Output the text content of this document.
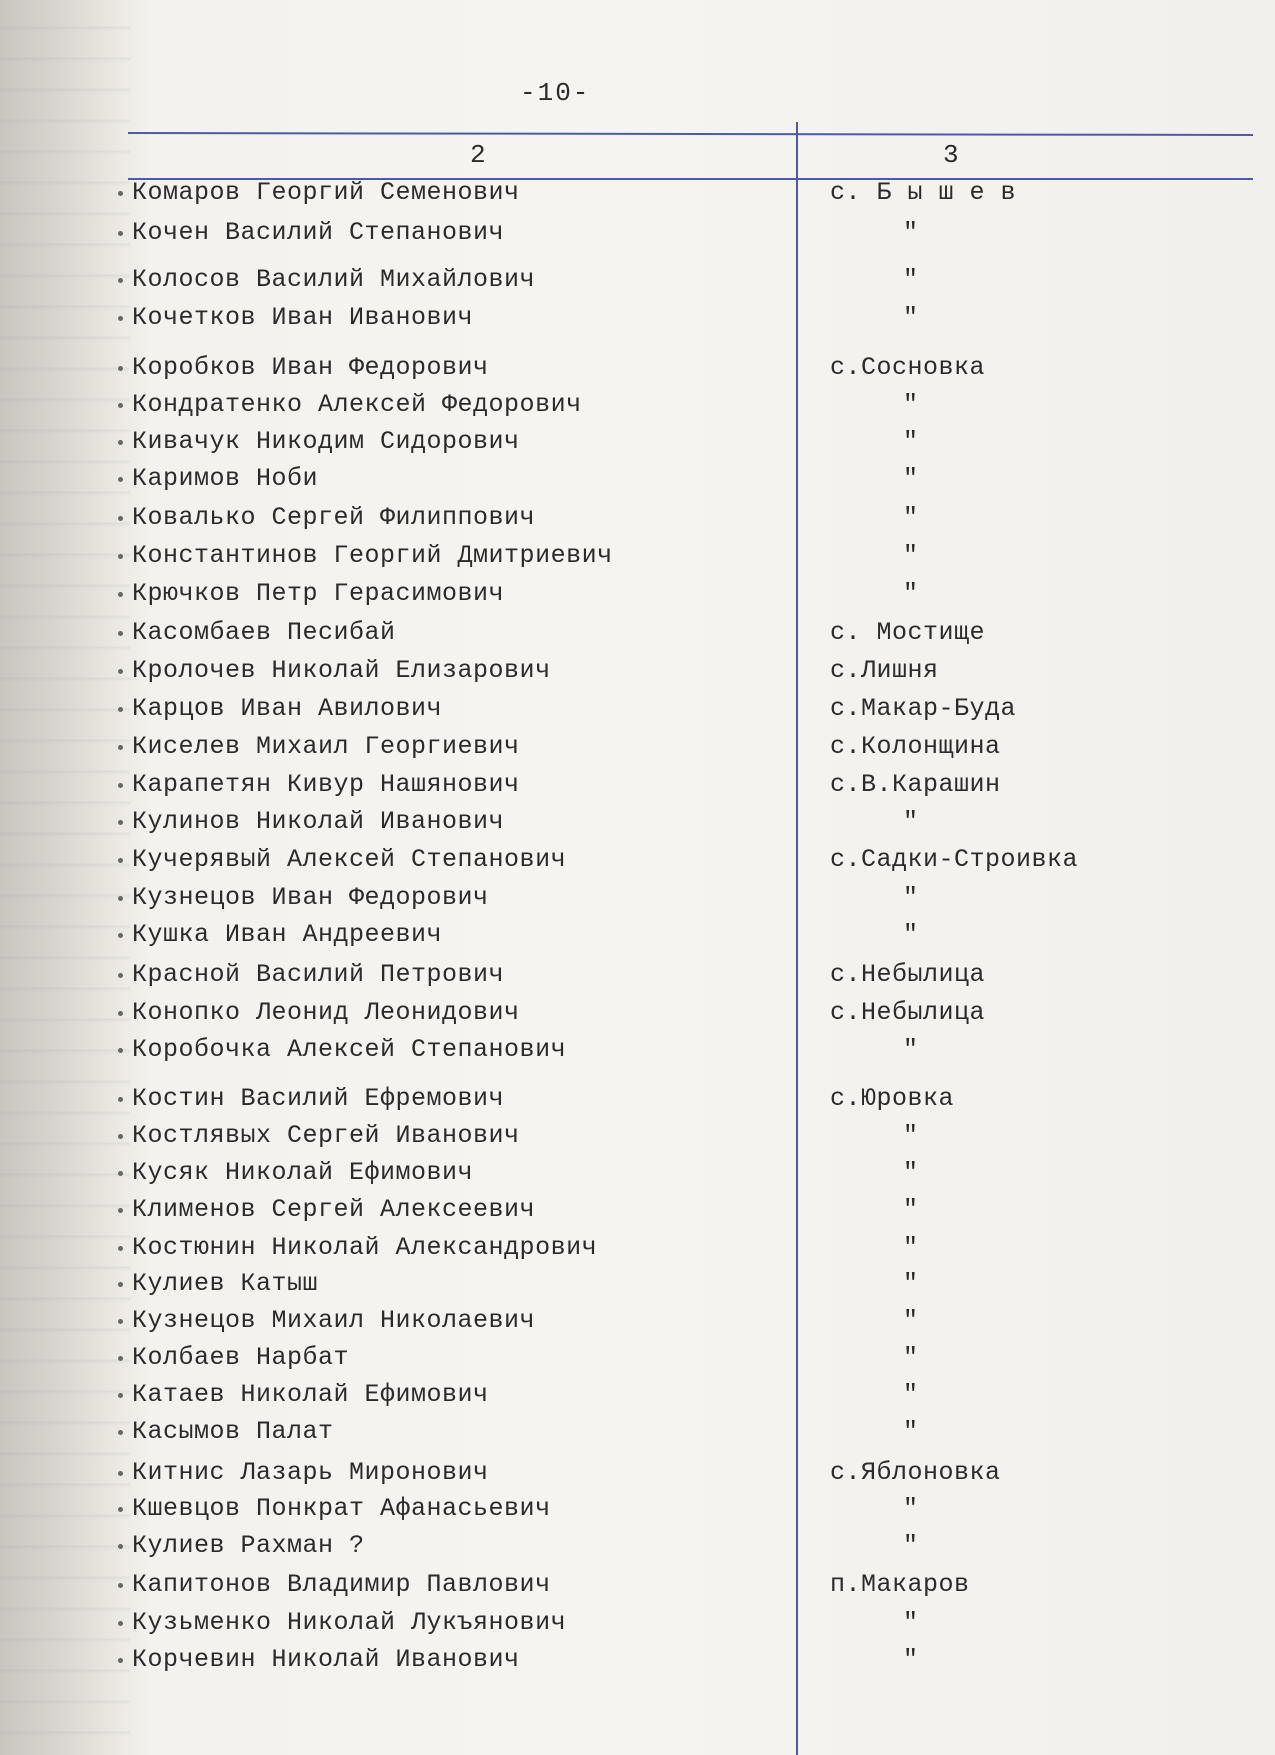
-10-
2	3
Комаров Георгий Семенович	с. Б ы ш е в
Кочен Василий Степанович	"
Колосов Василий Михайлович	"
Кочетков Иван Иванович	"
Коробков Иван Федорович	с.Сосновка
Кондратенко Алексей Федорович	"
Кивачук Никодим Сидорович	"
Каримов Ноби	"
Ковалько Сергей Филиппович	"
Константинов Георгий Дмитриевич	"
Крючков Петр Герасимович	"
Касомбаев Песибай	с. Мостище
Кролочев Николай Елизарович	с.Лишня
Карцов Иван Авилович	с.Макар-Буда
Киселев Михаил Георгиевич	с.Колонщина
Карапетян Кивур Нашянович	с.В.Карашин
Кулинов Николай Иванович	"
Кучерявый Алексей Степанович	с.Садки-Строивка
Кузнецов Иван Федорович	"
Кушка Иван Андреевич	"
Красной Василий Петрович	с.Небылица
Конопко Леонид Леонидович	с.Небылица
Коробочка Алексей Степанович	"
Костин Василий Ефремович	с.Юровка
Костлявых Сергей Иванович	"
Кусяк Николай Ефимович	"
Клименов Сергей Алексеевич	"
Костюнин Николай Александрович	"
Кулиев Катыш	"
Кузнецов Михаил Николаевич	"
Колбаев Нарбат	"
Катаев Николай Ефимович	"
Касымов Палат	"
Китнис Лазарь Миронович	с.Яблоновка
Кшевцов Понкрат Афанасьевич	"
Кулиев Рахман ?	"
Капитонов Владимир Павлович	п.Макаров
Кузьменко Николай Лукъянович	"
Корчевин Николай Иванович	"
